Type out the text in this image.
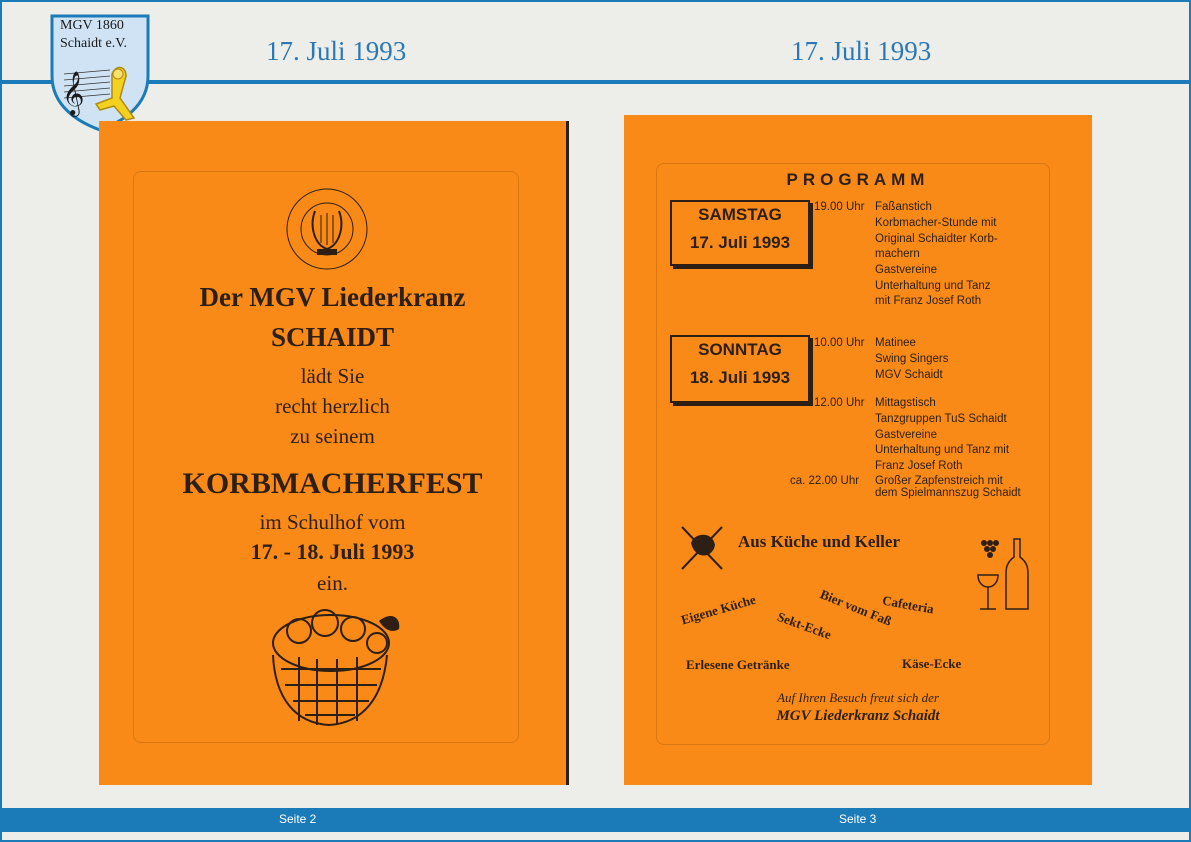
17. Juli 1993	17. Juli 1993
𝄞
MGV 1860
Schaidt e.V.
Der MGV Liederkranz
SCHAIDT
lädt Sie
recht herzlich
zu seinem
KORBMACHERFEST
im Schulhof vom
17. - 18. Juli 1993
ein.
PROGRAMM
SAMSTAG
17. Juli 1993
SONNTAG
18. Juli 1993
19.00 Uhr Faßanstich
Korbmacher-Stunde mit
Original Schaidter Korb-
machern
Gastvereine
Unterhaltung und Tanz
mit Franz Josef Roth
10.00 Uhr Matinee
Swing Singers
MGV Schaidt
12.00 Uhr Mittagstisch
Tanzgruppen TuS Schaidt
Gastvereine
Unterhaltung und Tanz mit
Franz Josef Roth
ca. 22.00 Uhr Großer Zapfenstreich mit
dem Spielmannszug Schaidt
Aus Küche und Keller
Eigene Küche	Bier vom Faß
Cafeteria
Sekt-Ecke
Erlesene Getränke	Käse-Ecke
Auf Ihren Besuch freut sich der
MGV Liederkranz Schaidt
Seite 2	Seite 3
